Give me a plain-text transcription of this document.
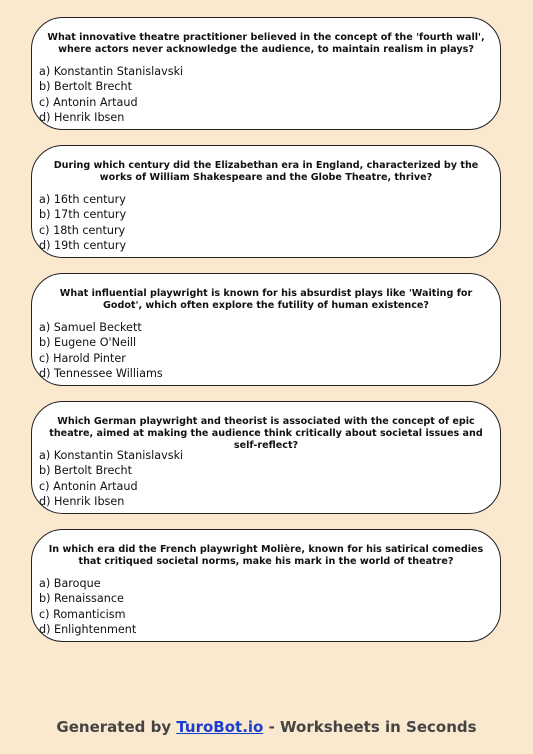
What innovative theatre practitioner believed in the concept of the 'fourth wall', where actors never acknowledge the audience, to maintain realism in plays?

a) Konstantin Stanislavski
b) Bertolt Brecht
c) Antonin Artaud
d) Henrik Ibsen

During which century did the Elizabethan era in England, characterized by the works of William Shakespeare and the Globe Theatre, thrive?

a) 16th century
b) 17th century
c) 18th century
d) 19th century

What influential playwright is known for his absurdist plays like 'Waiting for Godot', which often explore the futility of human existence?

a) Samuel Beckett
b) Eugene O'Neill
c) Harold Pinter
d) Tennessee Williams

Which German playwright and theorist is associated with the concept of epic theatre, aimed at making the audience think critically about societal issues and self-reflect?

a) Konstantin Stanislavski
b) Bertolt Brecht
c) Antonin Artaud
d) Henrik Ibsen

In which era did the French playwright Molière, known for his satirical comedies that critiqued societal norms, make his mark in the world of theatre?

a) Baroque
b) Renaissance
c) Romanticism
d) Enlightenment
Generated by TuroBot.io - Worksheets in Seconds
